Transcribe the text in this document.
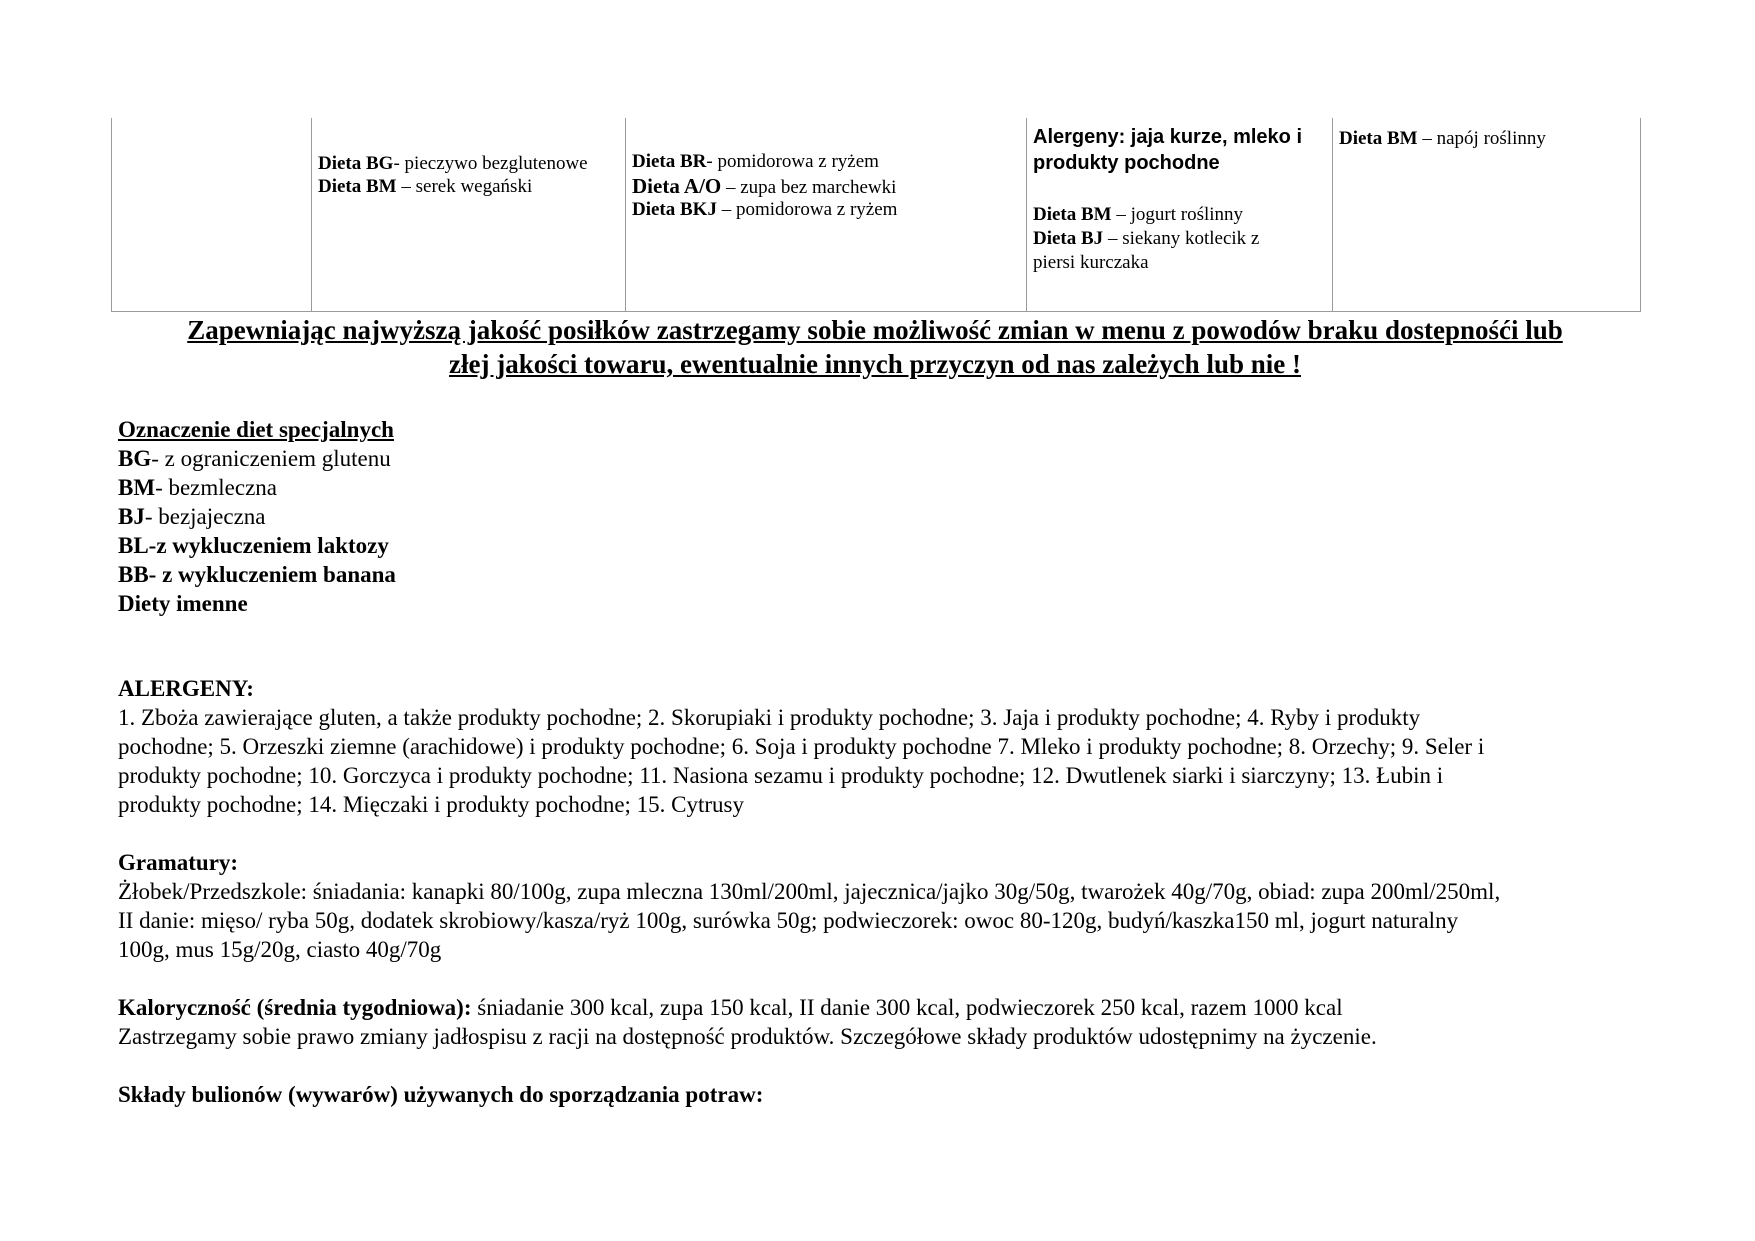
Dieta BG- pieczywo bezglutenowe
Dieta BM – serek wegański
Dieta BR- pomidorowa z ryżem
Dieta A/O – zupa bez marchewki
Dieta BKJ – pomidorowa z ryżem
Alergeny: jaja kurze, mleko i
produkty pochodne
Dieta BM – jogurt roślinny
Dieta BJ – siekany kotlecik z
piersi kurczaka
Dieta BM – napój roślinny
Zapewniając najwyższą jakość posiłków zastrzegamy sobie możliwość zmian w menu z powodów braku dostepnośći lub
złej jakości towaru, ewentualnie innych przyczyn od nas zależych lub nie !
Oznaczenie diet specjalnych
BG- z ograniczeniem glutenu
BM- bezmleczna
BJ- bezjajeczna
BL-z wykluczeniem laktozy
BB- z wykluczeniem banana
Diety imenne
ALERGENY:
1. Zboża zawierające gluten, a także produkty pochodne; 2. Skorupiaki i produkty pochodne; 3. Jaja i produkty pochodne; 4. Ryby i produkty
pochodne; 5. Orzeszki ziemne (arachidowe) i produkty pochodne; 6. Soja i produkty pochodne 7. Mleko i produkty pochodne; 8. Orzechy; 9. Seler i
produkty pochodne; 10. Gorczyca i produkty pochodne; 11. Nasiona sezamu i produkty pochodne; 12. Dwutlenek siarki i siarczyny; 13. Łubin i
produkty pochodne; 14. Mięczaki i produkty pochodne; 15. Cytrusy
Gramatury:
Żłobek/Przedszkole: śniadania: kanapki 80/100g, zupa mleczna 130ml/200ml, jajecznica/jajko 30g/50g, twarożek 40g/70g, obiad: zupa 200ml/250ml,
II danie: mięso/ ryba 50g, dodatek skrobiowy/kasza/ryż 100g, surówka 50g; podwieczorek: owoc 80-120g, budyń/kaszka150 ml, jogurt naturalny
100g, mus 15g/20g, ciasto 40g/70g
Kaloryczność (średnia tygodniowa): śniadanie 300 kcal, zupa 150 kcal, II danie 300 kcal, podwieczorek 250 kcal, razem 1000 kcal
Zastrzegamy sobie prawo zmiany jadłospisu z racji na dostępność produktów. Szczegółowe składy produktów udostępnimy na życzenie.
Składy bulionów (wywarów) używanych do sporządzania potraw:
